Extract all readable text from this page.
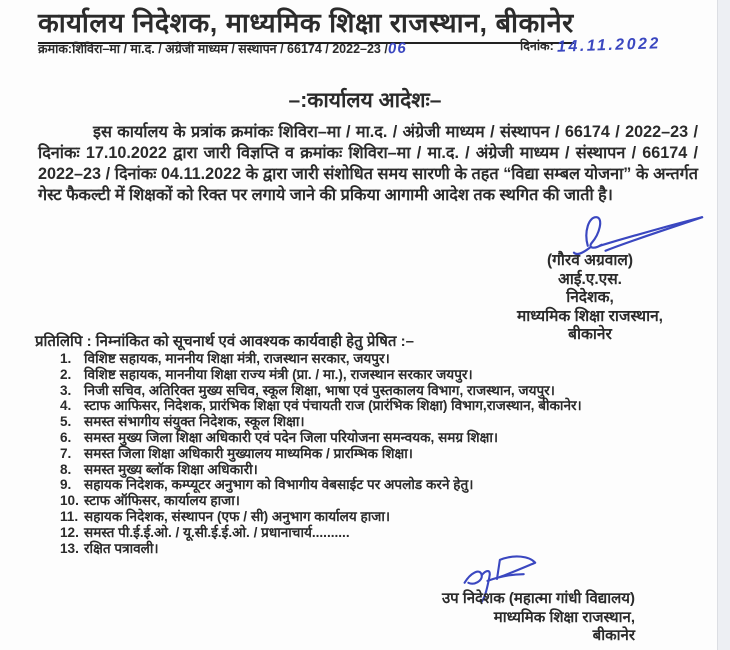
कार्यालय निदेशक, माध्यमिक शिक्षा राजस्थान, बीकानेर
क्रमांक:शिविरा–मा / मा.द. / अंग्रेजी माध्यम / संस्थापन / 66174 / 2022–23 /06	दिनांक: 14.11.2022
–:कार्यालय आदेशः–
इस कार्यालय के प्रत्रांक क्रमांकः शिविरा–मा / मा.द. / अंग्रेजी माध्यम / संस्थापन / 66174 / 2022–23 / दिनांकः 17.10.2022 द्वारा जारी विज्ञप्ति व क्रमांकः शिविरा–मा / मा.द. / अंग्रेजी माध्यम / संस्थापन / 66174 / 2022–23 / दिनांकः 04.11.2022 के द्वारा जारी संशोधित समय सारणी के तहत “विद्या सम्बल योजना” के अन्तर्गत गेस्ट फैकल्टी में शिक्षकों को रिक्त पर लगाये जाने की प्रकिया आगामी आदेश तक स्थगित की जाती है।
(गौरव अग्रवाल)
आई.ए.एस.
निदेशक,
माध्यमिक शिक्षा राजस्थान,
बीकानेर
प्रतिलिपि : निम्नांकित को सूचनार्थ एवं आवश्यक कार्यवाही हेतु प्रेषित :–
1. विशिष्ट सहायक, माननीय शिक्षा मंत्री, राजस्थान सरकार, जयपुर।
2. विशिष्ट सहायक, माननीया शिक्षा राज्य मंत्री (प्रा. / मा.), राजस्थान सरकार जयपुर।
3. निजी सचिव, अतिरिक्त मुख्य सचिव, स्कूल शिक्षा, भाषा एवं पुस्तकालय विभाग, राजस्थान, जयपुर।
4. स्टाफ आफिसर, निदेशक, प्रारंभिक शिक्षा एवं पंचायती राज (प्रारंभिक शिक्षा) विभाग,राजस्थान, बीकानेर।
5. समस्त संभागीय संयुक्त निदेशक, स्कूल शिक्षा।
6. समस्त मुख्य जिला शिक्षा अधिकारी एवं पदेन जिला परियोजना समन्वयक, समग्र शिक्षा।
7. समस्त जिला शिक्षा अधिकारी मुख्यालय माध्यमिक / प्रारम्भिक शिक्षा।
8. समस्त मुख्य ब्लॉक शिक्षा अधिकारी।
9. सहायक निदेशक, कम्प्यूटर अनुभाग को विभागीय वेबसाईट पर अपलोड करने हेतु।
10. स्टाफ ऑफिसर, कार्यालय हाजा।
11. सहायक निदेशक, संस्थापन (एफ / सी) अनुभाग कार्यालय हाजा।
12. समस्त पी.ई.ई.ओ. / यू.सी.ई.ई.ओ. / प्रधानाचार्य..........
13. रक्षित पत्रावली।
उप निदेशक (महात्मा गांधी विद्यालय)
माध्यमिक शिक्षा राजस्थान,
बीकानेर
